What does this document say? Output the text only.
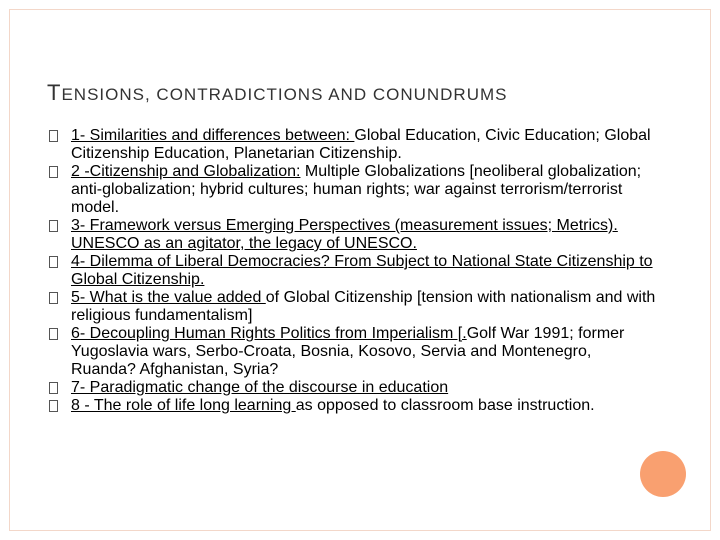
TENSIONS, CONTRADICTIONS AND CONUNDRUMS
1- Similarities and differences between: Global Education, Civic Education; Global Citizenship Education, Planetarian Citizenship.
2 -Citizenship and Globalization: Multiple Globalizations [neoliberal globalization; anti-globalization; hybrid cultures; human rights; war against terrorism/terrorist model.
3- Framework versus Emerging Perspectives (measurement issues; Metrics). UNESCO as an agitator, the legacy of UNESCO.
4- Dilemma of Liberal Democracies? From Subject to National State Citizenship to Global Citizenship.
5- What is the value added of Global Citizenship [tension with nationalism and with religious fundamentalism]
6- Decoupling Human Rights Politics from Imperialism [.Golf War 1991; former Yugoslavia wars, Serbo-Croata, Bosnia, Kosovo, Servia and Montenegro, Ruanda? Afghanistan, Syria?
7- Paradigmatic change of the discourse in education
8 - The role of life long learning as opposed to classroom base instruction.
